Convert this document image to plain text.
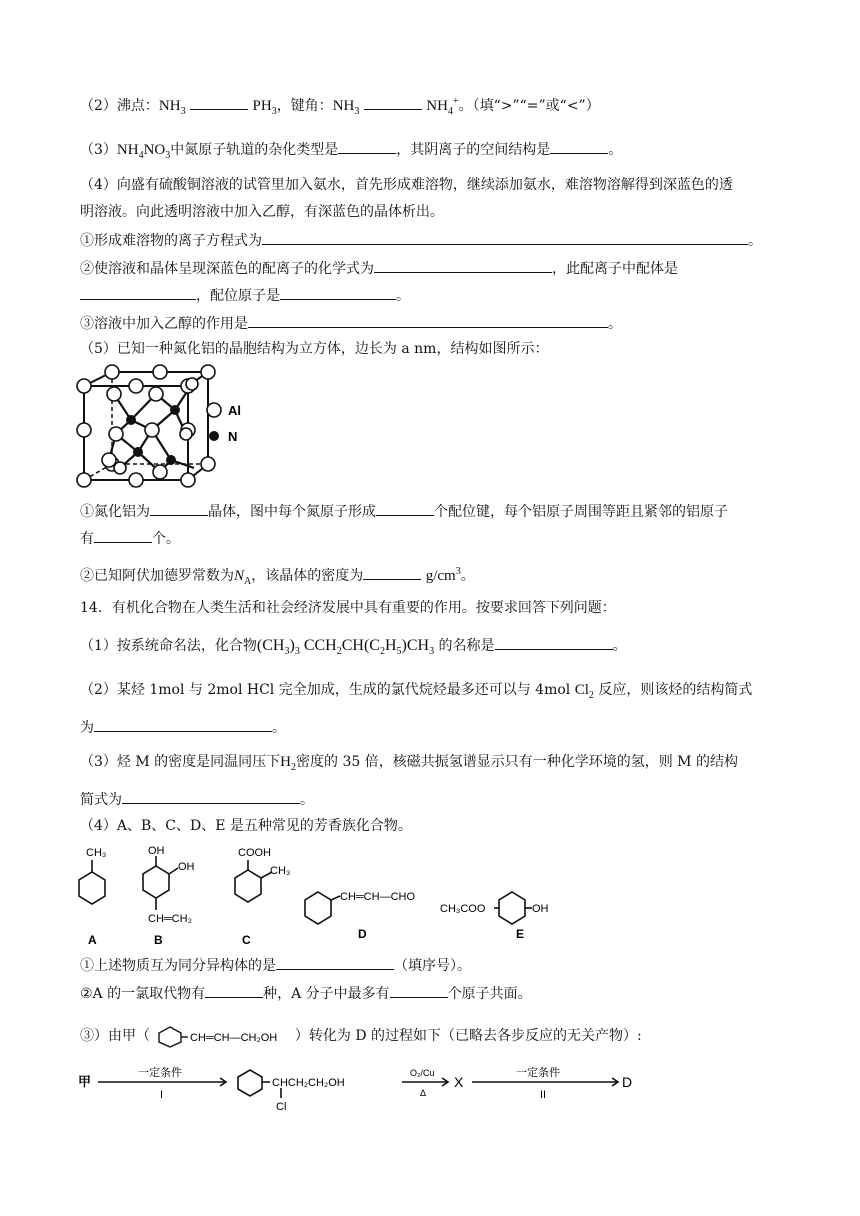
（2）沸点：$NH_3$	$PH_3$，键角：$NH_3$	$NH_4^+$。（填“>”“=”或“<”）
$(3)NH_4NO_3$中氮原子轨道的杂化类型是	，其阴离子的空间结构是	。
（4）向盛有硫酸铜溶液的试管里加入氨水，首先形成难溶物，继续添加氨水，难溶物溶解得到深蓝色的透
明溶液。向此透明溶液中加入乙醇，有深蓝色的晶体析出。
①形成难溶物的离子方程式为	。
②使溶液和晶体呈现深蓝色的配离子的化学式为	，此配离子中配体是
，配位原子是	。
③溶液中加入乙醇的作用是	。
（5）已知一种氮化铝的晶胞结构为立方体，边长为 a nm，结构如图所示：
Al
N
①氮化铝为	晶体，图中每个氮原子形成	个配位键，每个铝原子周围等距且紧邻的铝原子
有	个。
②已知阿伏加德罗常数为$N_A$，该晶体的密度为	$g/cm^3$。
14．有机化合物在人类生活和社会经济发展中具有重要的作用。按要求回答下列问题：
（1）按系统命名法，化合物$(CH_3)_3$ $CCH_2CH(C_2H_5)CH_3$ 的名称是	。
（2）某烃 1mol 与 2mol HCl 完全加成，生成的氯代烷烃最多还可以与 4mol $Cl_2$ 反应，则该烃的结构简式
为	。
（3）烃 M 的密度是同温同压下$H_2$密度的 35 倍，核磁共振氢谱显示只有一种化学环境的氢，则 M 的结构
简式为	。
（4）A、B、C、D、E 是五种常见的芳香族化合物。
CH₃	OH
OH
CH═CH₂
COOH
CH₃
CH═CH—CHO
CH₃COO	OH
A	B	C	D	E
①上述物质互为同分异构体的是	（填序号）。
②A 的一氯取代物有	种，A 分子中最多有	个原子共面。
③）由甲（	CH═CH—CH₂OH ）转化为 D 的过程如下（已略去各步反应的无关产物）:
甲
一定条件
I
CHCH₂CH₂OH
Cl
O₂/Cu
Δ
一定条件
II
X	D
